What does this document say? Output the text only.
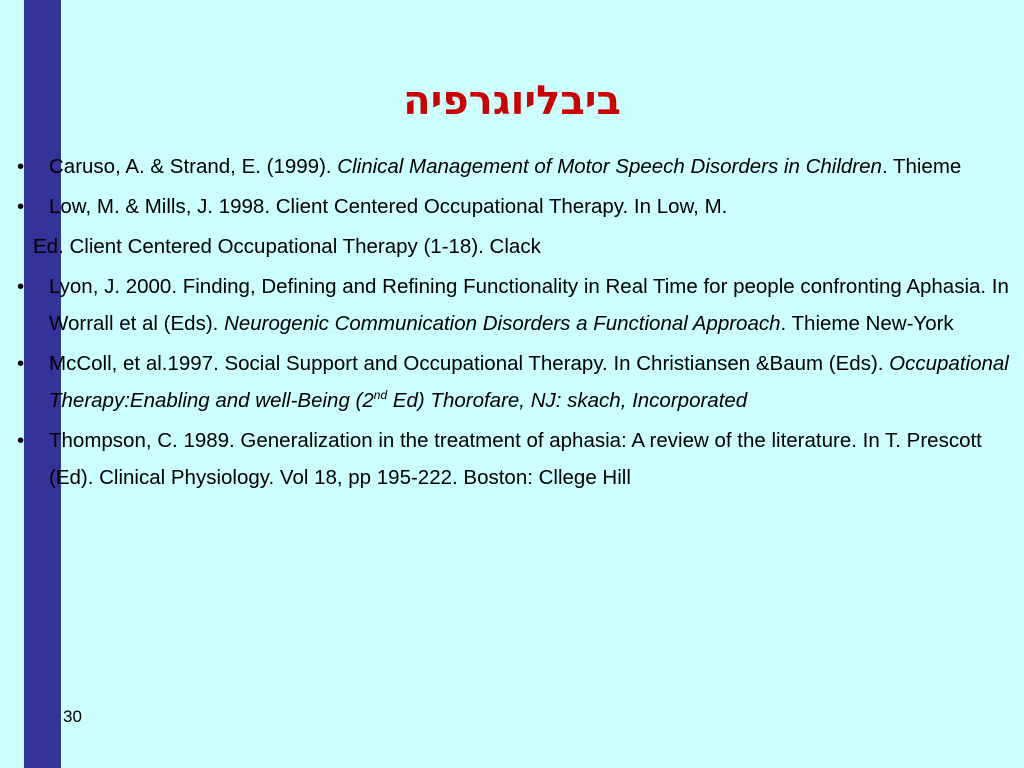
ביבליוגרפיה
• Caruso, A. & Strand, E. (1999). Clinical Management of Motor Speech Disorders in Children. Thieme
• Low, M. & Mills, J. 1998. Client Centered Occupational Therapy. In Low, M.
Ed. Client Centered Occupational Therapy (1-18). Clack
• Lyon, J. 2000. Finding, Defining and Refining Functionality in Real Time for people confronting Aphasia. In Worrall et al (Eds). Neurogenic Communication Disorders a Functional Approach. Thieme New-York
• McColl, et al.1997. Social Support and Occupational Therapy. In Christiansen &Baum (Eds). Occupational Therapy:Enabling and well-Being (2nd Ed) Thorofare, NJ: skach, Incorporated
• Thompson, C. 1989. Generalization in the treatment of aphasia: A review of the literature. In T. Prescott (Ed). Clinical Physiology. Vol 18, pp 195-222. Boston: Cllege Hill
30
